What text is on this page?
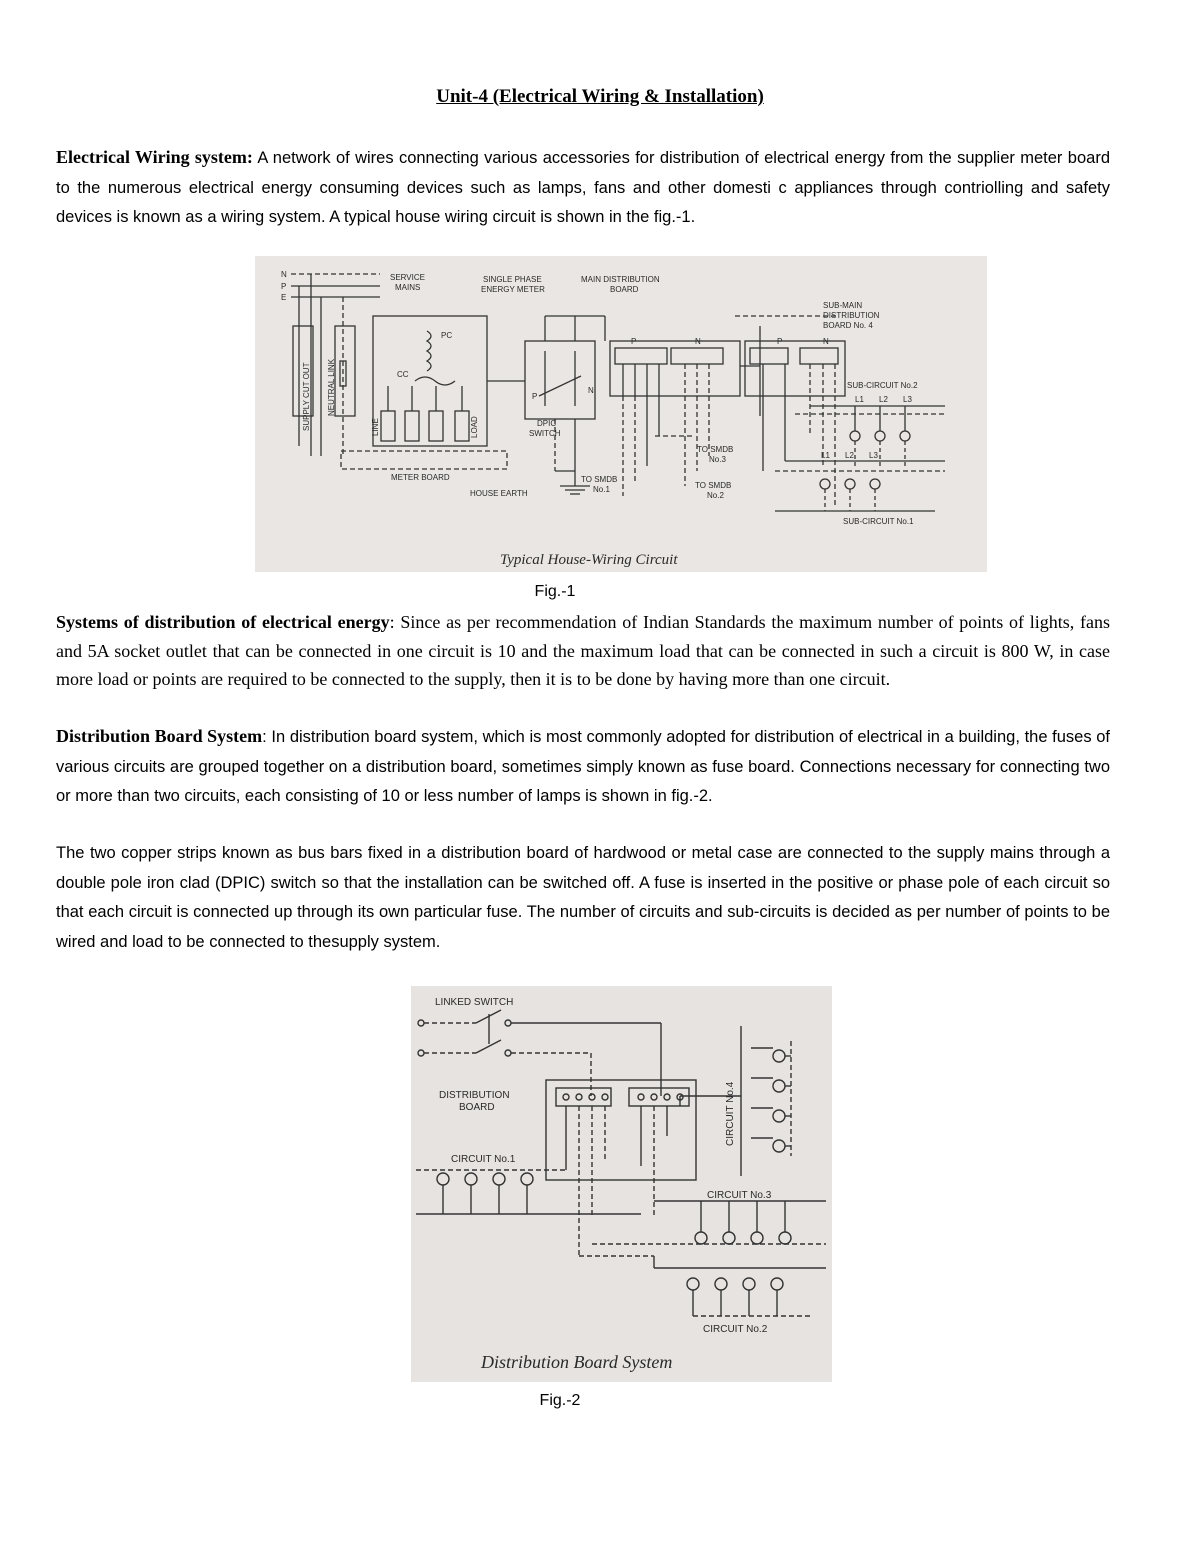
Unit-4 (Electrical Wiring & Installation)
Electrical Wiring system: A network of wires connecting various accessories for distribution of electrical energy from the supplier meter board to the numerous electrical energy consuming devices such as lamps, fans and other domesti c appliances through contriolling and safety devices is known as a wiring system. A typical house wiring circuit is shown in the fig.-1.
N
P
E
SERVICE
MAINS
SINGLE PHASE
ENERGY METER
MAIN DISTRIBUTION
BOARD
SUB-MAIN
DISTRIBUTION
BOARD No. 4
PC
CC
SUPPLY CUT OUT NEUTRAL LINK
LINE	LOAD	DPIC
SWITCH
P
N
P	N	P	N
METER BOARD
HOUSE EARTH
TO SMDB
No.1	TO SMDB
No.2
TO SMDB
No.3
SUB-CIRCUIT No.2
L1 L2 L3
L1 L2 L3
SUB-CIRCUIT No.1
Typical House-Wiring Circuit
Fig.-1
Systems of distribution of electrical energy: Since as per recommendation of Indian Standards the maximum number of points of lights, fans and 5A socket outlet that can be connected in one circuit is 10 and the maximum load that can be connected in such a circuit is 800 W, in case more load or points are required to be connected to the supply, then it is to be done by having more than one circuit.
Distribution Board System: In distribution board system, which is most commonly adopted for distribution of electrical in a building, the fuses of various circuits are grouped together on a distribution board, sometimes simply known as fuse board. Connections necessary for connecting two or more than two circuits, each consisting of 10 or less number of lamps is shown in fig.-2.
The two copper strips known as bus bars fixed in a distribution board of hardwood or metal case are connected to the supply mains through a double pole iron clad (DPIC) switch so that the installation can be switched off. A fuse is inserted in the positive or phase pole of each circuit so that each circuit is connected up through its own particular fuse. The number of circuits and sub-circuits is decided as per number of points to be wired and load to be connected to thesupply system.
LINKED SWITCH
DISTRIBUTION
BOARD
CIRCUIT No.1
CIRCUIT No.3
CIRCUIT No.2
CIRCUIT No.4
Distribution Board System
Fig.-2
